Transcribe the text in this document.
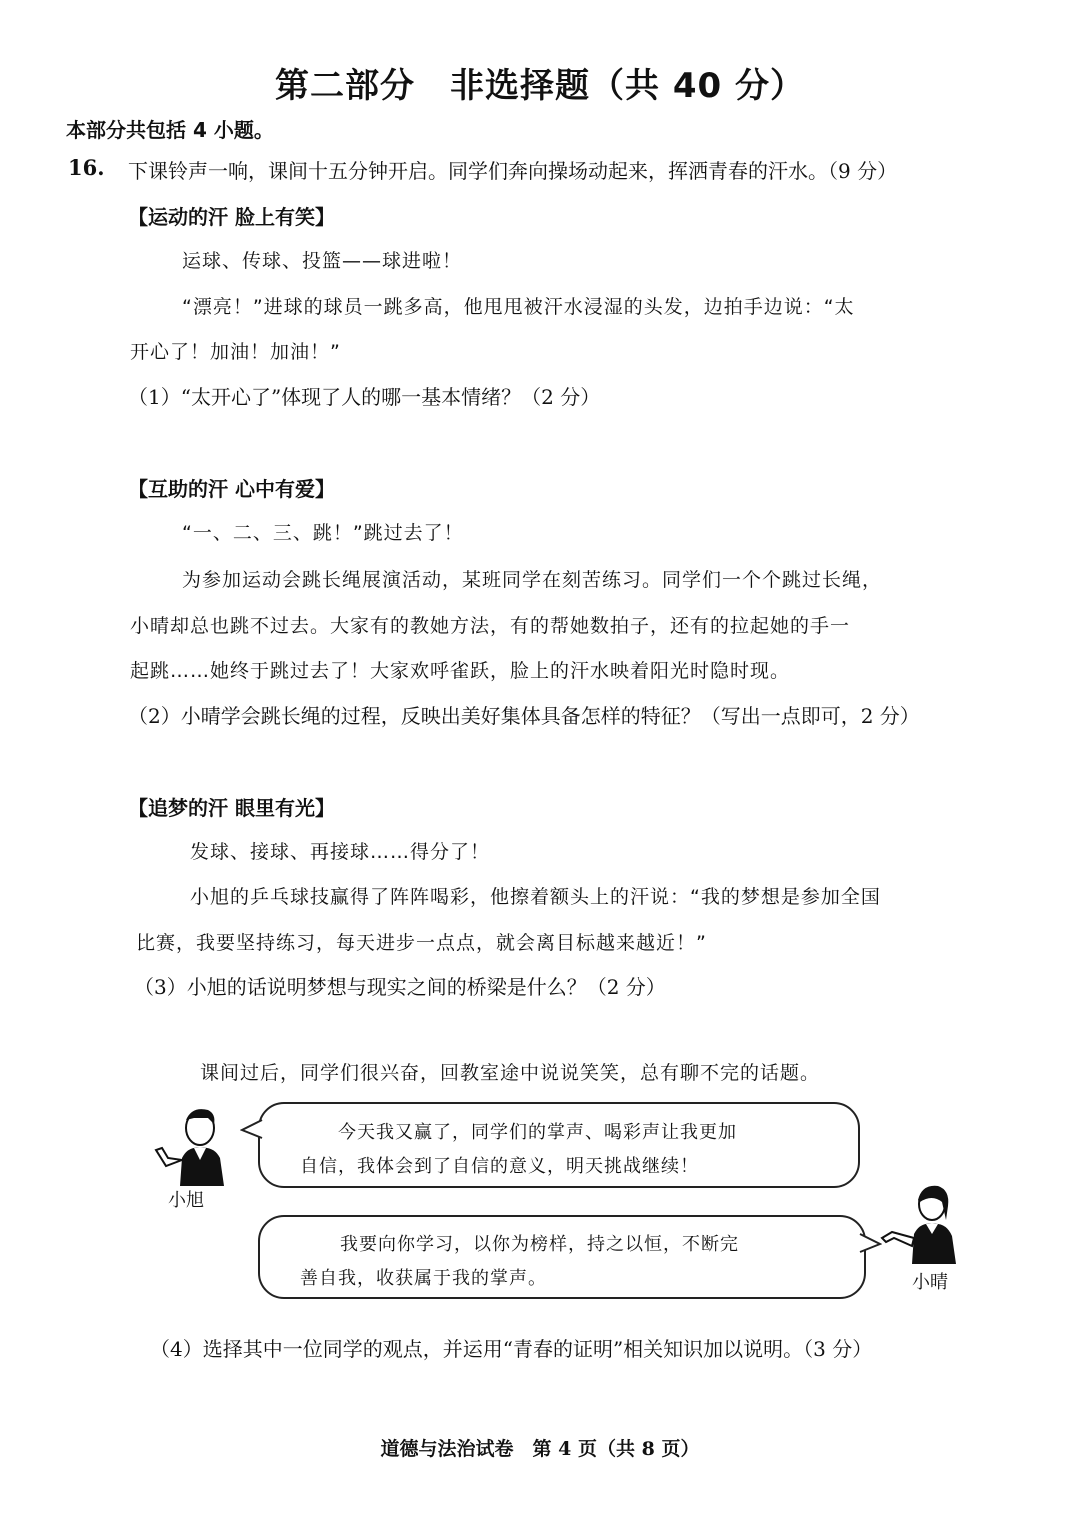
第二部分　非选择题（共 40 分）
本部分共包括 4 小题。
16. 下课铃声一响，课间十五分钟开启。同学们奔向操场动起来，挥洒青春的汗水。（9 分）
【运动的汗 脸上有笑】
运球、传球、投篮——球进啦！
“漂亮！”进球的球员一跳多高，他甩甩被汗水浸湿的头发，边拍手边说：“太
开心了！加油！加油！”
（1）“太开心了”体现了人的哪一基本情绪？（2 分）
【互助的汗 心中有爱】
“一、二、三、跳！”跳过去了！
为参加运动会跳长绳展演活动，某班同学在刻苦练习。同学们一个个跳过长绳，
小晴却总也跳不过去。大家有的教她方法，有的帮她数拍子，还有的拉起她的手一
起跳……她终于跳过去了！大家欢呼雀跃，脸上的汗水映着阳光时隐时现。
（2）小晴学会跳长绳的过程，反映出美好集体具备怎样的特征？（写出一点即可，2 分）
【追梦的汗 眼里有光】
发球、接球、再接球……得分了！
小旭的乒乓球技赢得了阵阵喝彩，他擦着额头上的汗说：“我的梦想是参加全国
比赛，我要坚持练习，每天进步一点点，就会离目标越来越近！”
（3）小旭的话说明梦想与现实之间的桥梁是什么？（2 分）
课间过后，同学们很兴奋，回教室途中说说笑笑，总有聊不完的话题。
小旭
今天我又赢了，同学们的掌声、喝彩声让我更加
自信，我体会到了自信的意义，明天挑战继续！
我要向你学习，以你为榜样，持之以恒，不断完
善自我，收获属于我的掌声。	小晴
（4）选择其中一位同学的观点，并运用“青春的证明”相关知识加以说明。（3 分）
道德与法治试卷　第 4 页（共 8 页）
